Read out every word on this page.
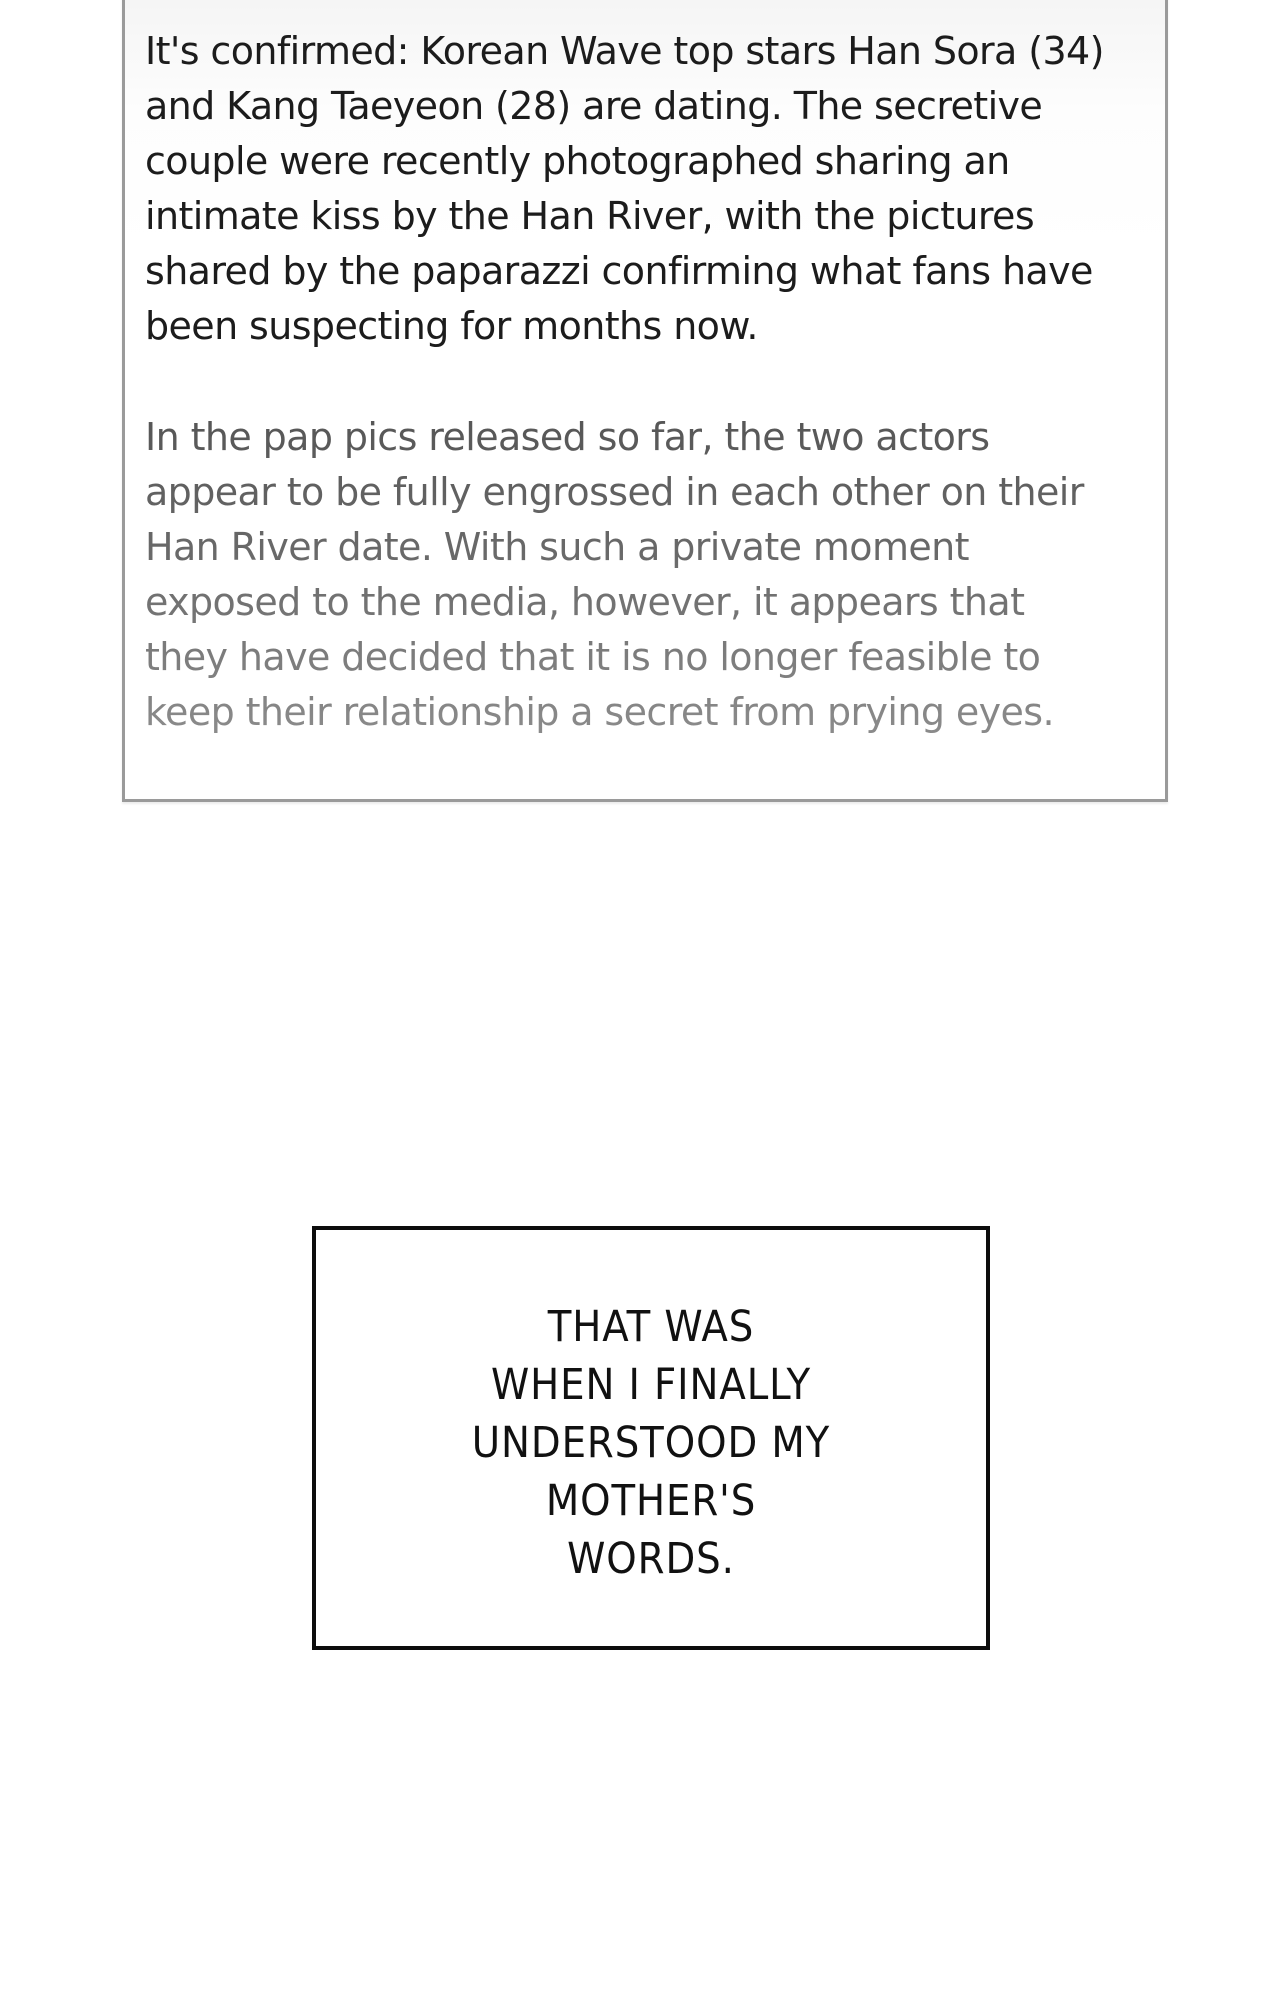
It's confirmed: Korean Wave top stars Han Sora (34)
and Kang Taeyeon (28) are dating. The secretive
couple were recently photographed sharing an
intimate kiss by the Han River, with the pictures
shared by the paparazzi confirming what fans have
been suspecting for months now.

In the pap pics released so far, the two actors
appear to be fully engrossed in each other on their
Han River date. With such a private moment
exposed to the media, however, it appears that
they have decided that it is no longer feasible to
keep their relationship a secret from prying eyes.

THAT WAS
WHEN I FINALLY
UNDERSTOOD MY
MOTHER'S
WORDS.
